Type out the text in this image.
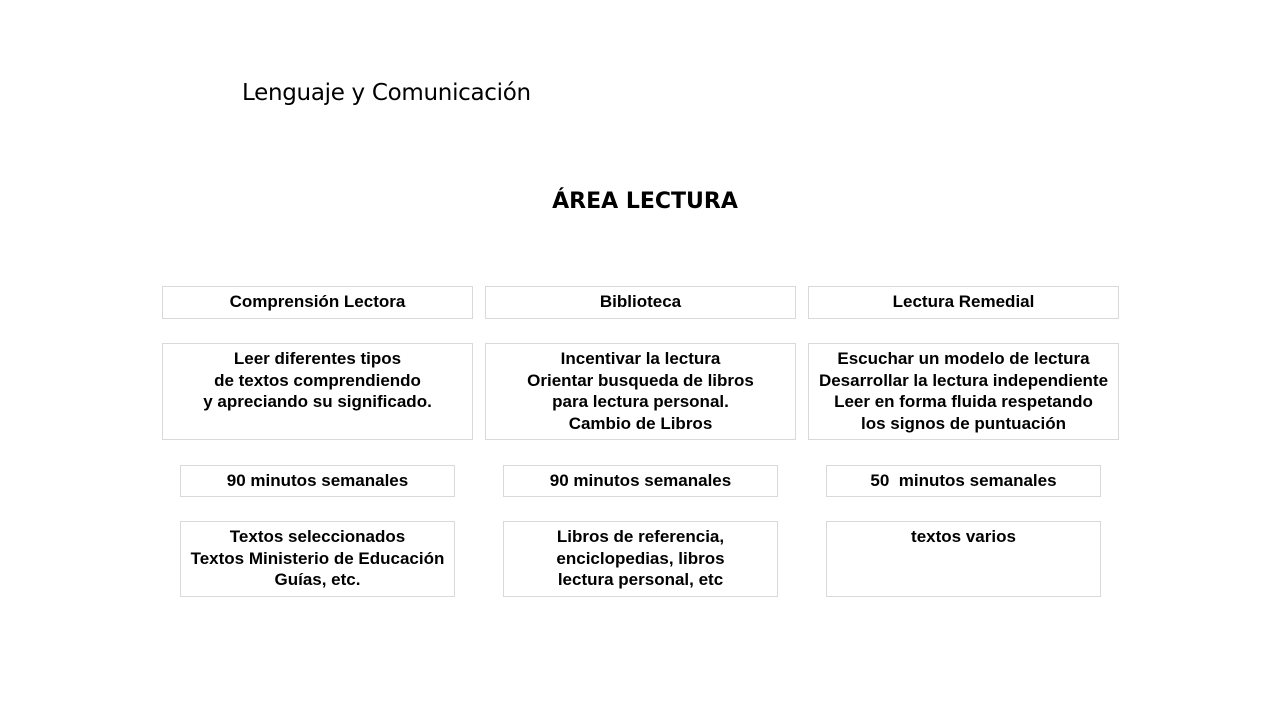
Lenguaje y Comunicación
ÁREA LECTURA
Comprensión Lectora
Leer diferentes tipos
de textos comprendiendo
y apreciando su significado.
90 minutos semanales
Textos seleccionados
Textos Ministerio de Educación
Guías, etc.
Biblioteca
Incentivar la lectura
Orientar busqueda de libros
para lectura personal.
Cambio de Libros
90 minutos semanales
Libros de referencia,
enciclopedias, libros
lectura personal, etc
Lectura Remedial
Escuchar un modelo de lectura
Desarrollar la lectura independiente
Leer en forma fluida respetando
los signos de puntuación
50  minutos semanales
textos varios
